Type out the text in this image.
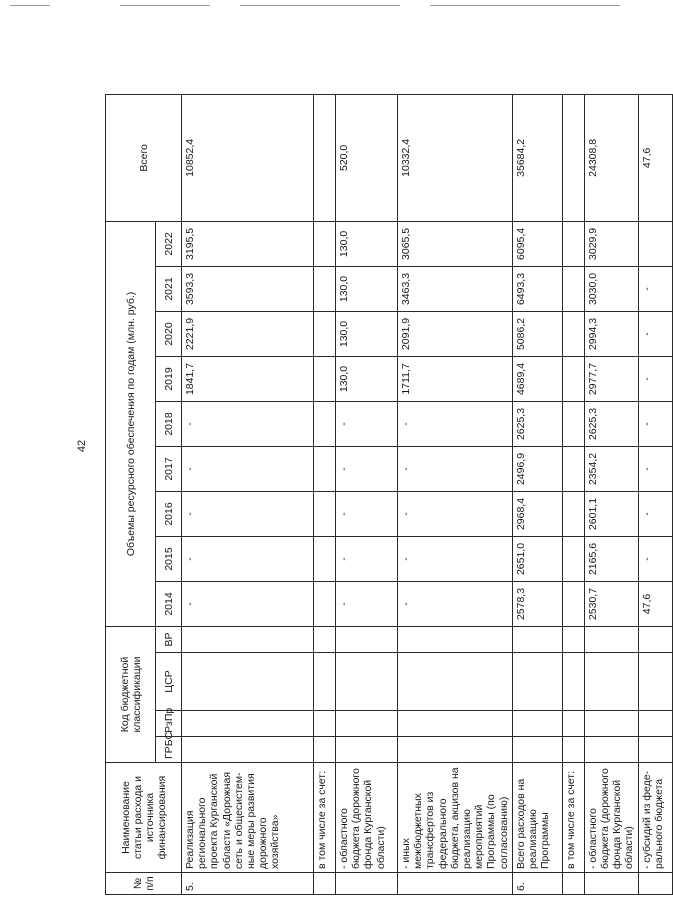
42
№ п/п	Наименование статьи расхода и источника финансирования	Код бюджетной классификации				Объемы ресурсного обеспечения по годам (млн. руб.)									Всего
		ГРБС	РзПр	ЦСР	ВР	2014	2015	2016	2017	2018	2019	2020	2021	2022	
5.	Реализация регионального проекта Курганской области «Дорожная сеть и общесистем-ные меры развития дорожного хозяйства»					-	-	-	-	-	1841,7	2221,9	3593,3	3195,5	10852,4
	в том числе за счет:														
	- областного бюджета (дорожного фонда Курганской области)					-	-	-	-	-	130,0	130,0	130,0	130,0	520,0
	- иных межбюджетных трансфертов из федерального бюджета, акцизов на реализацию мероприятий Программы (по согласованию)					-	-	-	-	-	1711,7	2091,9	3463,3	3065,5	10332,4
6.	Всего расходов на реализацию Программы					2578,3	2651,0	2968,4	2496,9	2625,3	4689,4	5086,2	6493,3	6095,4	35684,2
	в том числе за счет:														
	- областного бюджета (дорожного фонда Курганской области)					2530,7	2165,6	2601,1	2354,2	2625,3	2977,7	2994,3	3030,0	3029,9	24308,8
	- субсидий из феде-рального бюджета					47,6	-	-	-	-	-	-	-		47,6
